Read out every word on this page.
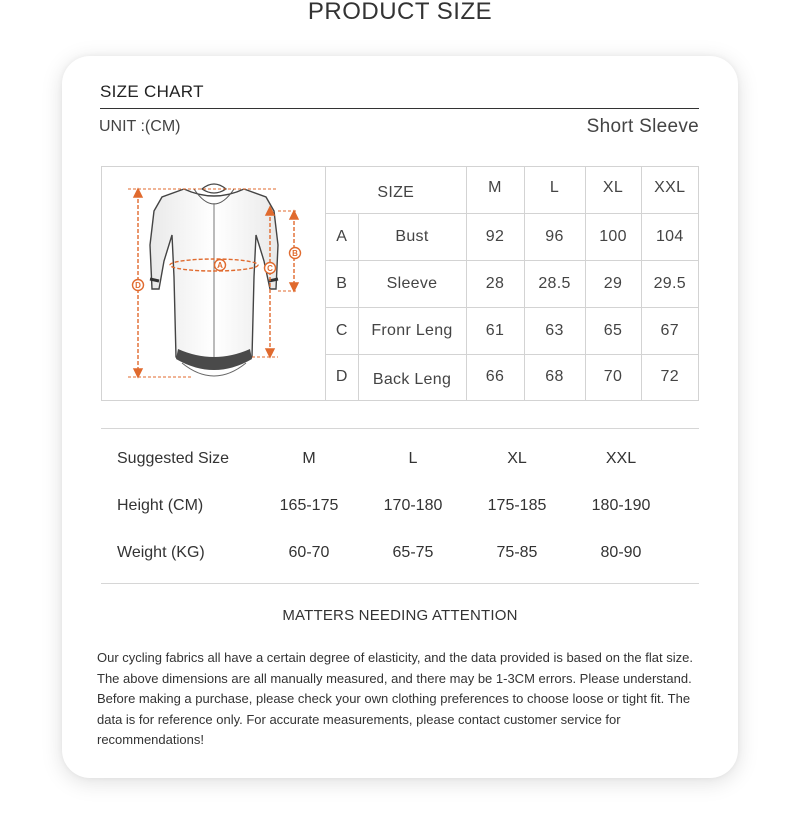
PRODUCT SIZE
SIZE CHART
UNIT :(CM)	Short Sleeve
A
B
C
D
SIZE		M	L	XL	XXL
A	Bust	92	96	100	104
B	Sleeve	28	28.5	29	29.5
C	Fronr Leng	61	63	65	67
D	Back Leng	66	68	70	72
Suggested Size	M	L	XL	XXL
Height (CM)	165-175	170-180	175-185	180-190
Weight (KG)	60-70	65-75	75-85	80-90
MATTERS NEEDING ATTENTION
Our cycling fabrics all have a certain degree of elasticity, and the data provided is based on the flat size. The above dimensions are all manually measured, and there may be 1-3CM errors. Please understand. Before making a purchase, please check your own clothing preferences to choose loose or tight fit. The data is for reference only. For accurate measurements, please contact customer service for recommendations!
